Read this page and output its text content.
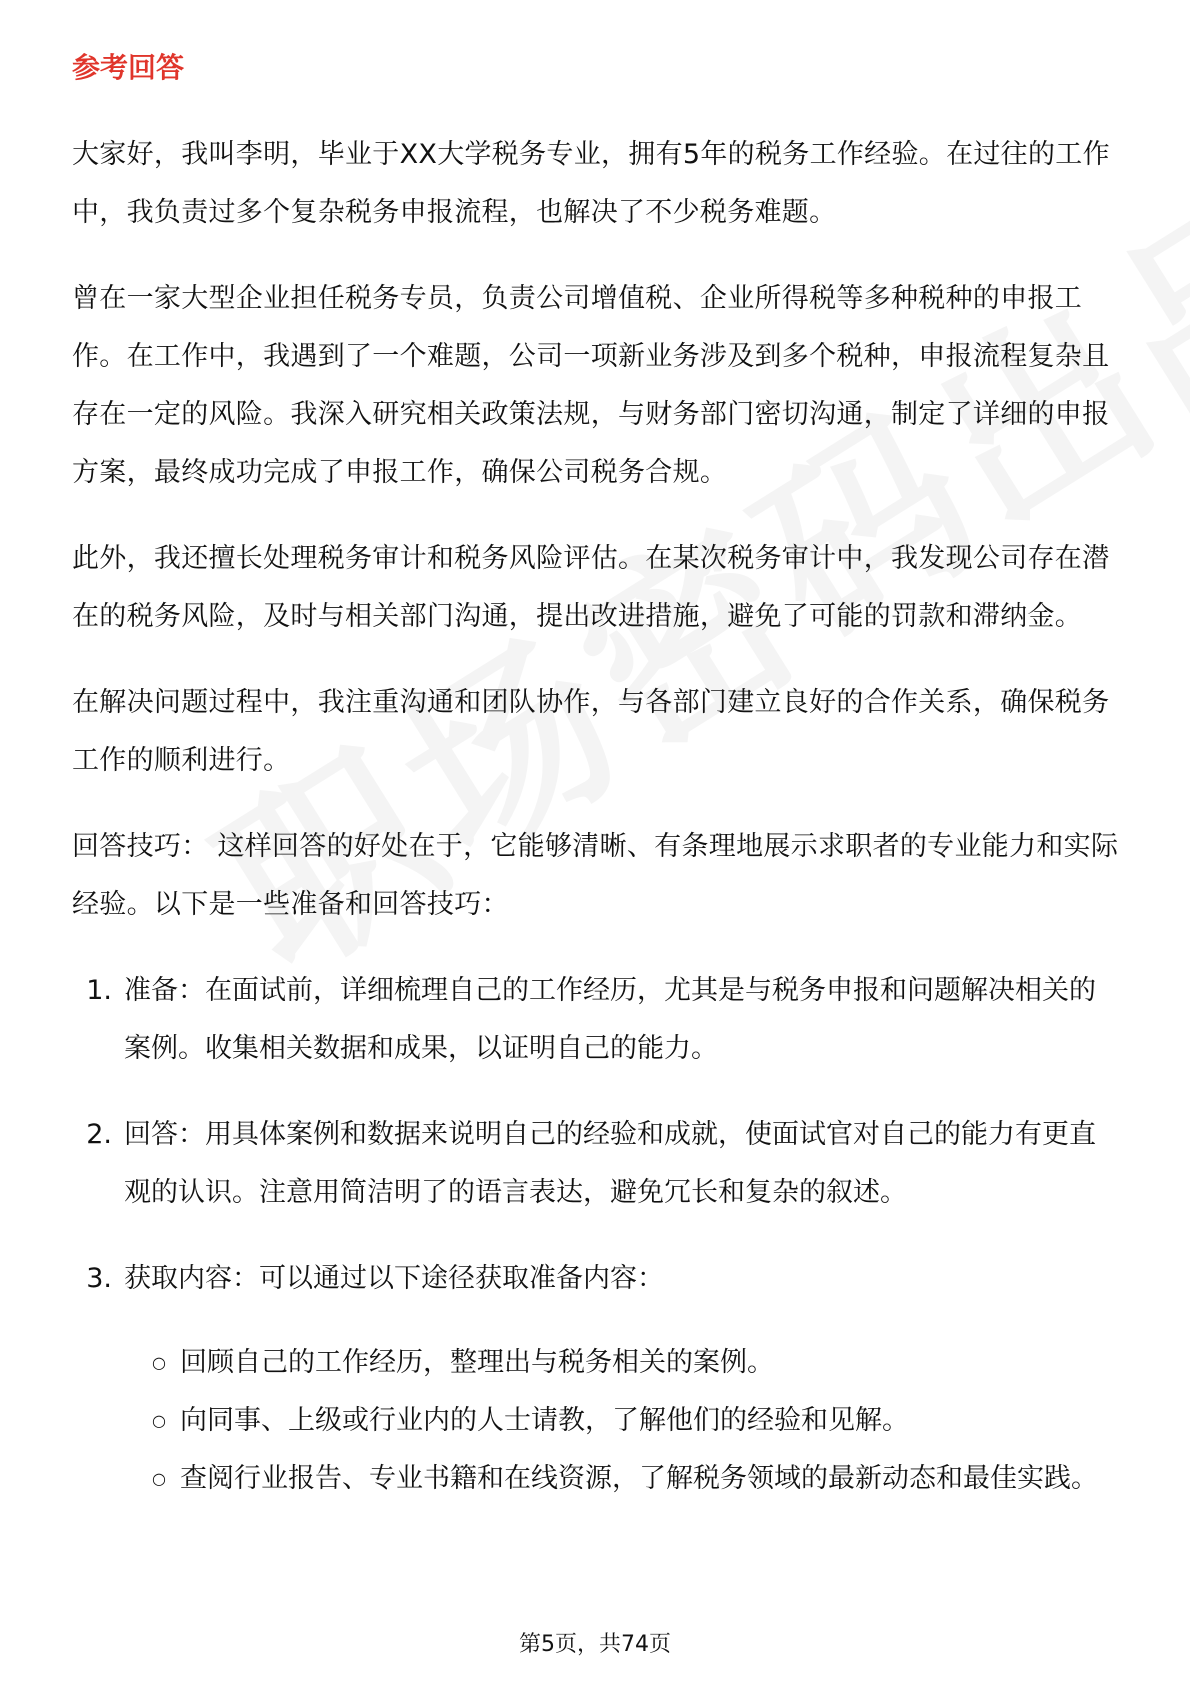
参考回答

大家好，我叫李明，毕业于XX大学税务专业，拥有5年的税务工作经验。在过往的工作中，我负责过多个复杂税务申报流程，也解决了不少税务难题。

曾在一家大型企业担任税务专员，负责公司增值税、企业所得税等多种税种的申报工作。在工作中，我遇到了一个难题，公司一项新业务涉及到多个税种，申报流程复杂且存在一定的风险。我深入研究相关政策法规，与财务部门密切沟通，制定了详细的申报方案，最终成功完成了申报工作，确保公司税务合规。

此外，我还擅长处理税务审计和税务风险评估。在某次税务审计中，我发现公司存在潜在的税务风险，及时与相关部门沟通，提出改进措施，避免了可能的罚款和滞纳金。

在解决问题过程中，我注重沟通和团队协作，与各部门建立良好的合作关系，确保税务工作的顺利进行。

回答技巧： 这样回答的好处在于，它能够清晰、有条理地展示求职者的专业能力和实际经验。以下是一些准备和回答技巧：

1. 准备：在面试前，详细梳理自己的工作经历，尤其是与税务申报和问题解决相关的案例。收集相关数据和成果，以证明自己的能力。
2. 回答：用具体案例和数据来说明自己的经验和成就，使面试官对自己的能力有更直观的认识。注意用简洁明了的语言表达，避免冗长和复杂的叙述。
3. 获取内容：可以通过以下途径获取准备内容：
○ 回顾自己的工作经历，整理出与税务相关的案例。
○ 向同事、上级或行业内的人士请教，了解他们的经验和见解。
○ 查阅行业报告、专业书籍和在线资源，了解税务领域的最新动态和最佳实践。
第5页，共74页
